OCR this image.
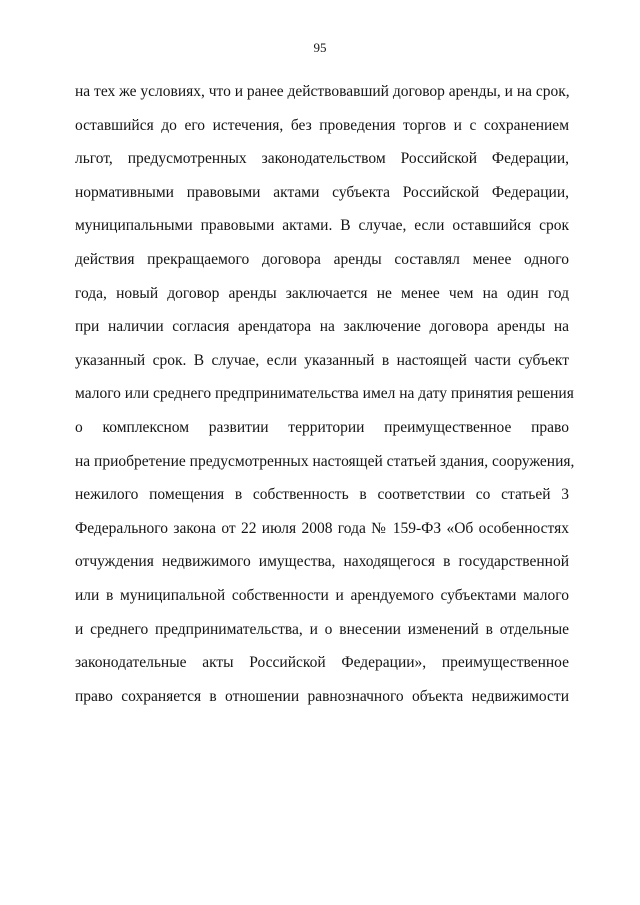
95
на тех же условиях, что и ранее действовавший договор аренды, и на срок,
оставшийся до его истечения, без проведения торгов и с сохранением
льгот, предусмотренных законодательством Российской Федерации,
нормативными правовыми актами субъекта Российской Федерации,
муниципальными правовыми актами. В случае, если оставшийся срок
действия прекращаемого договора аренды составлял менее одного
года, новый договор аренды заключается не менее чем на один год
при наличии согласия арендатора на заключение договора аренды на
указанный срок. В случае, если указанный в настоящей части субъект
малого или среднего предпринимательства имел на дату принятия решения
о комплексном развитии территории преимущественное право
на приобретение предусмотренных настоящей статьей здания, сооружения,
нежилого помещения в собственность в соответствии со статьей 3
Федерального закона от 22 июля 2008 года № 159-ФЗ «Об особенностях
отчуждения недвижимого имущества, находящегося в государственной
или в муниципальной собственности и арендуемого субъектами малого
и среднего предпринимательства, и о внесении изменений в отдельные
законодательные акты Российской Федерации», преимущественное
право сохраняется в отношении равнозначного объекта недвижимости
